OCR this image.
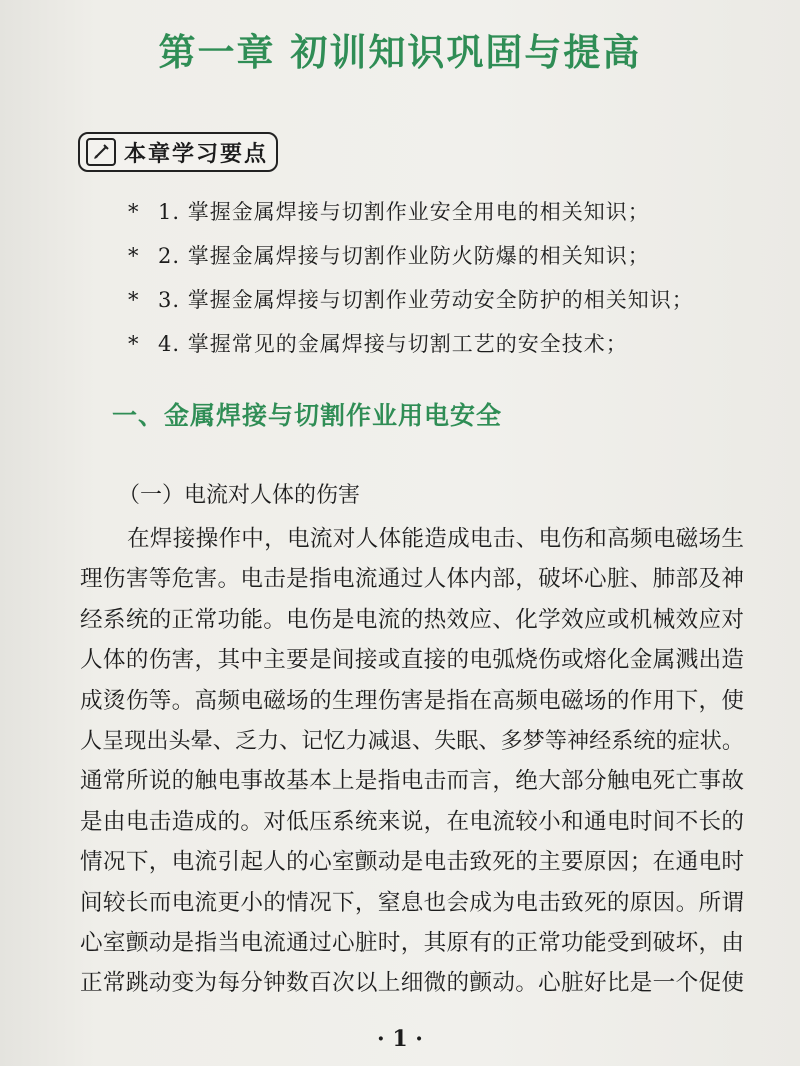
第一章 初训知识巩固与提高
本章学习要点
* 1. 掌握金属焊接与切割作业安全用电的相关知识；
* 2. 掌握金属焊接与切割作业防火防爆的相关知识；
* 3. 掌握金属焊接与切割作业劳动安全防护的相关知识；
* 4. 掌握常见的金属焊接与切割工艺的安全技术；
一、金属焊接与切割作业用电安全
（一）电流对人体的伤害
在焊接操作中，电流对人体能造成电击、电伤和高频电磁场生
理伤害等危害。电击是指电流通过人体内部，破坏心脏、肺部及神
经系统的正常功能。电伤是电流的热效应、化学效应或机械效应对
人体的伤害，其中主要是间接或直接的电弧烧伤或熔化金属溅出造
成烫伤等。高频电磁场的生理伤害是指在高频电磁场的作用下，使
人呈现出头晕、乏力、记忆力减退、失眠、多梦等神经系统的症状。
通常所说的触电事故基本上是指电击而言，绝大部分触电死亡事故
是由电击造成的。对低压系统来说，在电流较小和通电时间不长的
情况下，电流引起人的心室颤动是电击致死的主要原因；在通电时
间较长而电流更小的情况下，窒息也会成为电击致死的原因。所谓
心室颤动是指当电流通过心脏时，其原有的正常功能受到破坏，由
正常跳动变为每分钟数百次以上细微的颤动。心脏好比是一个促使
· 1 ·
